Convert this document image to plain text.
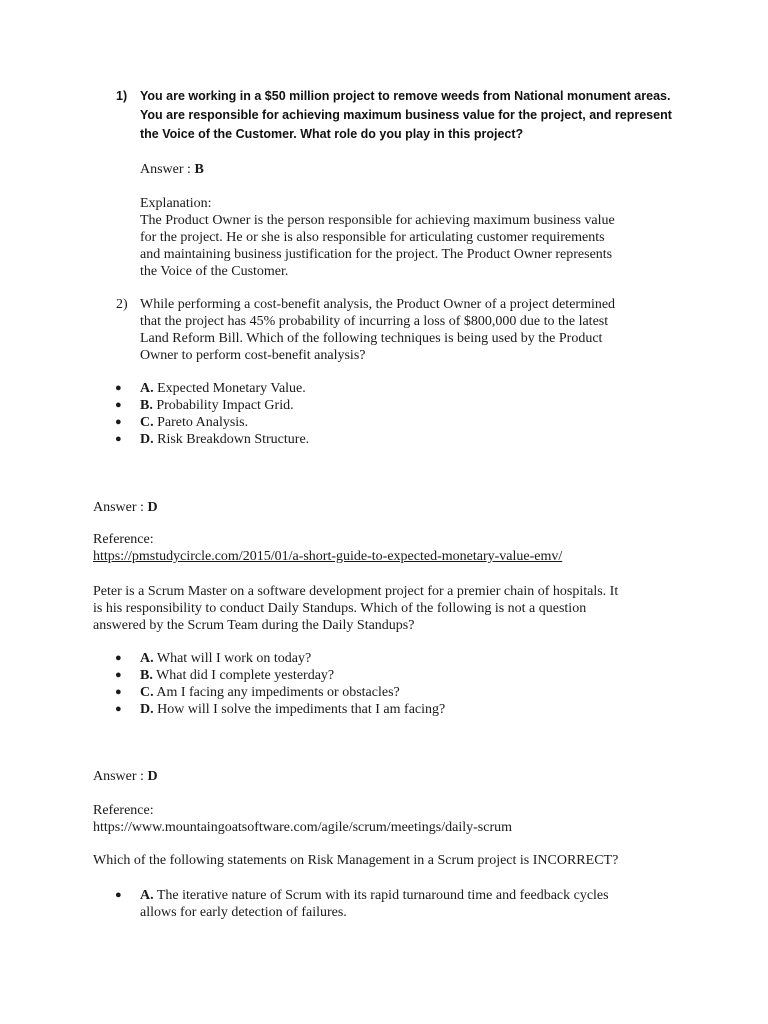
1) You are working in a $50 million project to remove weeds from National monument areas.
You are responsible for achieving maximum business value for the project, and represent
the Voice of the Customer. What role do you play in this project?
Answer : B
Explanation:
The Product Owner is the person responsible for achieving maximum business value
for the project. He or she is also responsible for articulating customer requirements
and maintaining business justification for the project. The Product Owner represents
the Voice of the Customer.
2) While performing a cost-benefit analysis, the Product Owner of a project determined
that the project has 45% probability of incurring a loss of $800,000 due to the latest
Land Reform Bill. Which of the following techniques is being used by the Product
Owner to perform cost-benefit analysis?
● A. Expected Monetary Value.
● B. Probability Impact Grid.
● C. Pareto Analysis.
● D. Risk Breakdown Structure.
Answer : D
Reference:
https://pmstudycircle.com/2015/01/a-short-guide-to-expected-monetary-value-emv/
Peter is a Scrum Master on a software development project for a premier chain of hospitals. It
is his responsibility to conduct Daily Standups. Which of the following is not a question
answered by the Scrum Team during the Daily Standups?
● A. What will I work on today?
● B. What did I complete yesterday?
● C. Am I facing any impediments or obstacles?
● D. How will I solve the impediments that I am facing?
Answer : D
Reference:
https://www.mountaingoatsoftware.com/agile/scrum/meetings/daily-scrum
Which of the following statements on Risk Management in a Scrum project is INCORRECT?
● A. The iterative nature of Scrum with its rapid turnaround time and feedback cycles
allows for early detection of failures.
